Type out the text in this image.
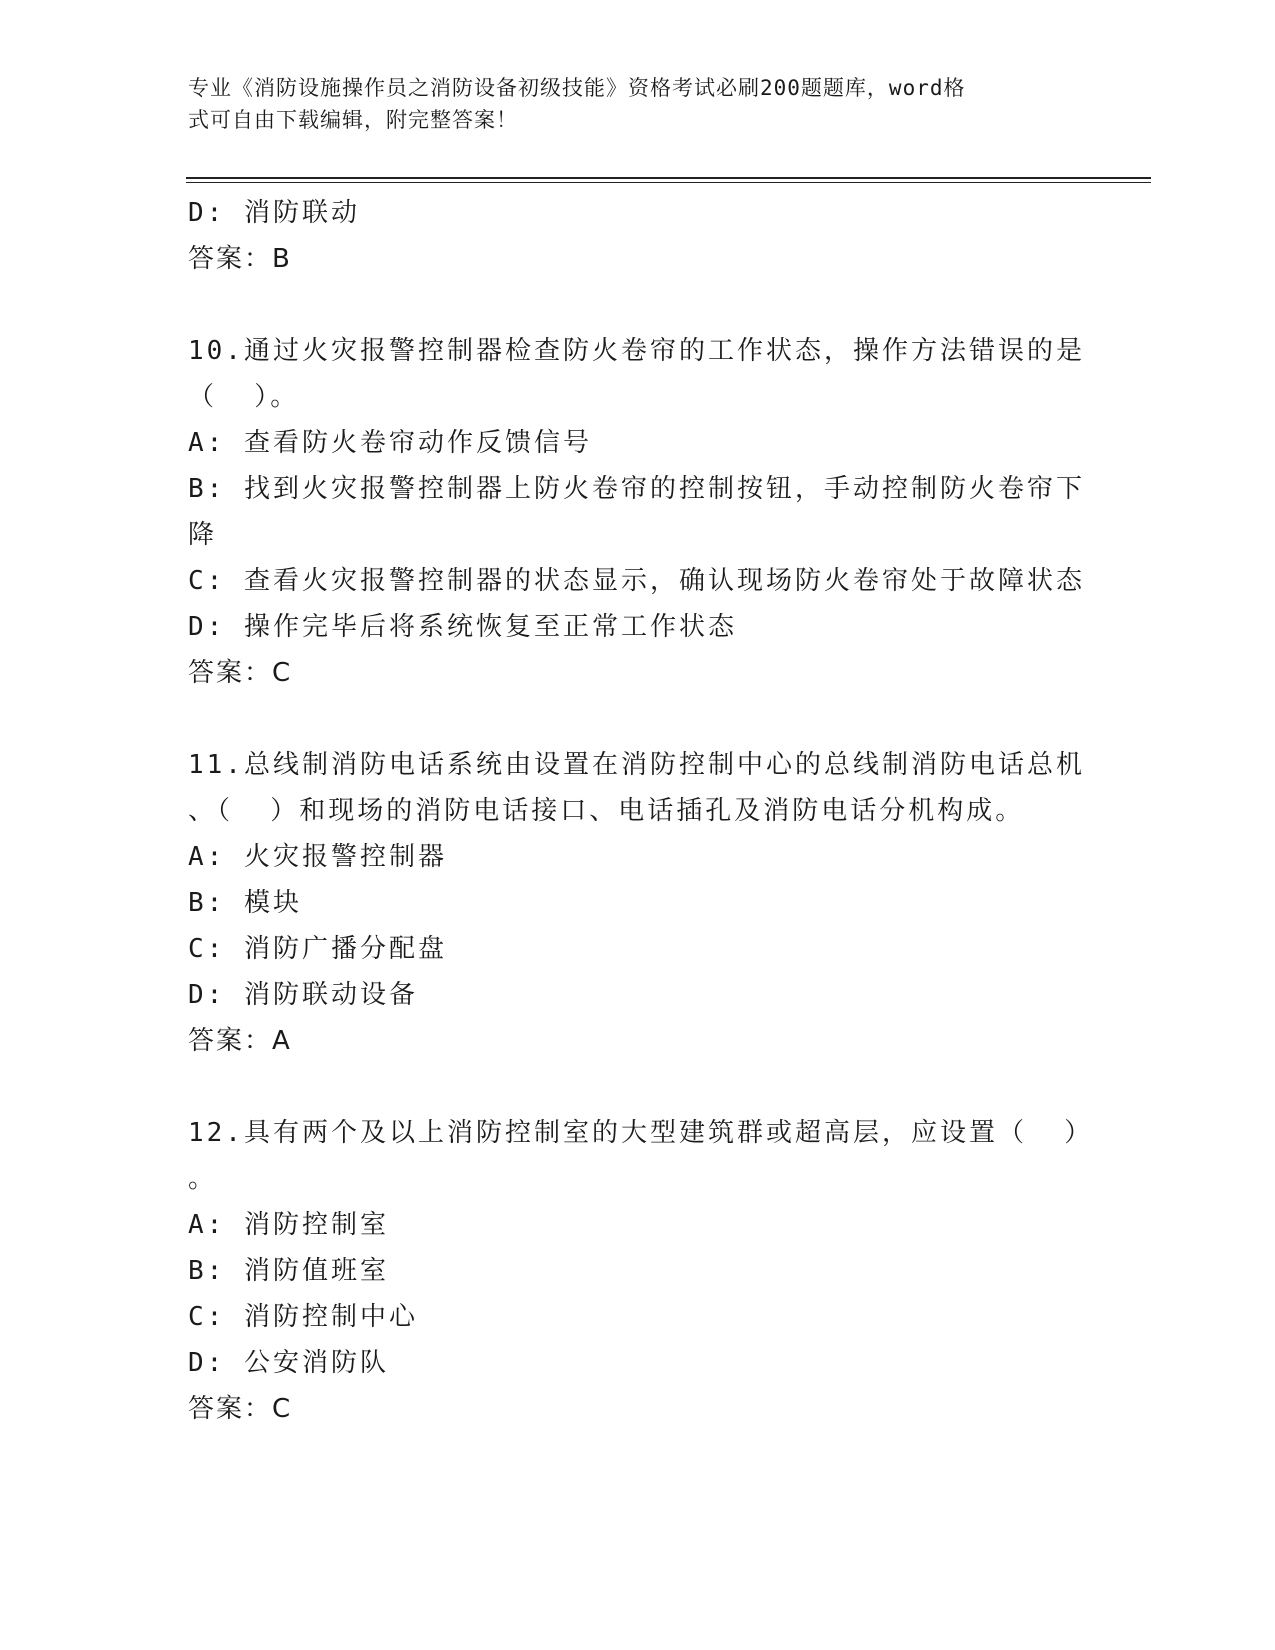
专业《消防设施操作员之消防设备初级技能》资格考试必刷200题题库，word格
式可自由下载编辑，附完整答案！
D: 消防联动
答案：B
10.通过火灾报警控制器检查防火卷帘的工作状态，操作方法错误的是
（  ）。
A: 查看防火卷帘动作反馈信号
B: 找到火灾报警控制器上防火卷帘的控制按钮，手动控制防火卷帘下
降
C: 查看火灾报警控制器的状态显示，确认现场防火卷帘处于故障状态
D: 操作完毕后将系统恢复至正常工作状态
答案：C
11.总线制消防电话系统由设置在消防控制中心的总线制消防电话总机
、（  ）和现场的消防电话接口、电话插孔及消防电话分机构成。
A: 火灾报警控制器
B: 模块
C: 消防广播分配盘
D: 消防联动设备
答案：A
12.具有两个及以上消防控制室的大型建筑群或超高层，应设置（  ）
。
A: 消防控制室
B: 消防值班室
C: 消防控制中心
D: 公安消防队
答案：C
